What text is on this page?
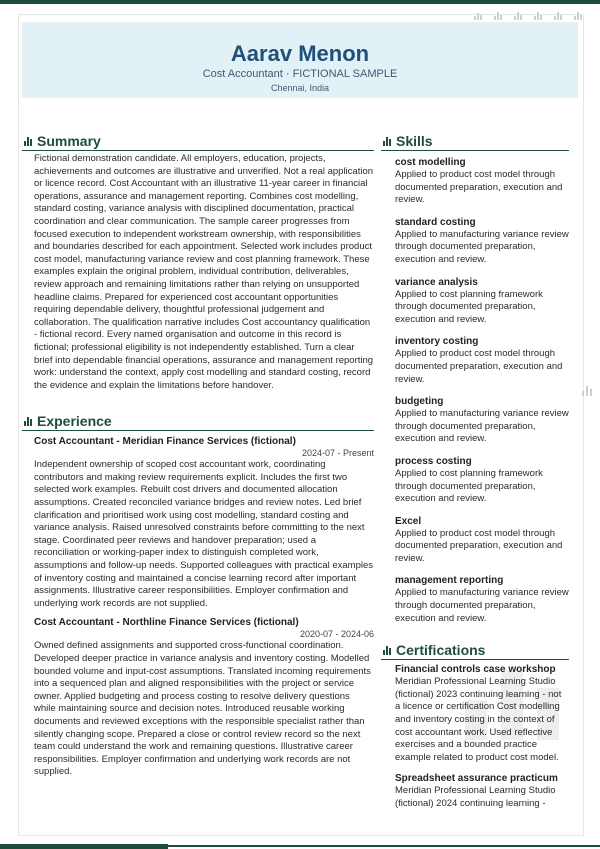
Aarav Menon
Cost Accountant · FICTIONAL SAMPLE
Chennai, India
Summary
Fictional demonstration candidate. All employers, education, projects, achievements and outcomes are illustrative and unverified. Not a real application or licence record. Cost Accountant with an illustrative 11-year career in financial operations, assurance and management reporting. Combines cost modelling, standard costing, variance analysis with disciplined documentation, practical coordination and clear communication. The sample career progresses from focused execution to independent workstream ownership, with responsibilities and boundaries described for each appointment. Selected work includes product cost model, manufacturing variance review and cost planning framework. These examples explain the original problem, individual contribution, deliverables, review approach and remaining limitations rather than relying on unsupported headline claims. Prepared for experienced cost accountant opportunities requiring dependable delivery, thoughtful professional judgement and collaboration. The qualification narrative includes Cost accountancy qualification - fictional record. Every named organisation and outcome in this record is fictional; professional eligibility is not independently established. Turn a clear brief into dependable financial operations, assurance and management reporting work: understand the context, apply cost modelling and standard costing, record the evidence and explain the limitations before handover.
Experience
Cost Accountant - Meridian Finance Services (fictional)
2024-07 - Present
Independent ownership of scoped cost accountant work, coordinating contributors and making review requirements explicit. Includes the first two selected work examples. Rebuilt cost drivers and documented allocation assumptions. Created reconciled variance bridges and review notes. Led brief clarification and prioritised work using cost modelling, standard costing and variance analysis. Raised unresolved constraints before committing to the next stage. Coordinated peer reviews and handover preparation; used a reconciliation or working-paper index to distinguish completed work, assumptions and follow-up needs. Supported colleagues with practical examples of inventory costing and maintained a concise learning record after important assignments. Illustrative career responsibilities. Employer confirmation and underlying work records are not supplied.
Cost Accountant - Northline Finance Services (fictional)
2020-07 - 2024-06
Owned defined assignments and supported cross-functional coordination. Developed deeper practice in variance analysis and inventory costing. Modelled bounded volume and input-cost assumptions. Translated incoming requirements into a sequenced plan and aligned responsibilities with the project or service owner. Applied budgeting and process costing to resolve delivery questions while maintaining source and decision notes. Introduced reusable working documents and reviewed exceptions with the responsible specialist rather than silently changing scope. Prepared a close or control review record so the next team could understand the work and remaining questions. Illustrative career responsibilities. Employer confirmation and underlying work records are not supplied.
Skills
cost modelling
Applied to product cost model through documented preparation, execution and review.
standard costing
Applied to manufacturing variance review through documented preparation, execution and review.
variance analysis
Applied to cost planning framework through documented preparation, execution and review.
inventory costing
Applied to product cost model through documented preparation, execution and review.
budgeting
Applied to manufacturing variance review through documented preparation, execution and review.
process costing
Applied to cost planning framework through documented preparation, execution and review.
Excel
Applied to product cost model through documented preparation, execution and review.
management reporting
Applied to manufacturing variance review through documented preparation, execution and review.
Certifications
Financial controls case workshop
Meridian Professional Learning Studio (fictional) 2023 continuing learning - not a licence or certification Cost modelling and inventory costing in the context of cost accountant work. Used reflective exercises and a bounded practice example related to product cost model.
Spreadsheet assurance practicum
Meridian Professional Learning Studio (fictional) 2024 continuing learning -
